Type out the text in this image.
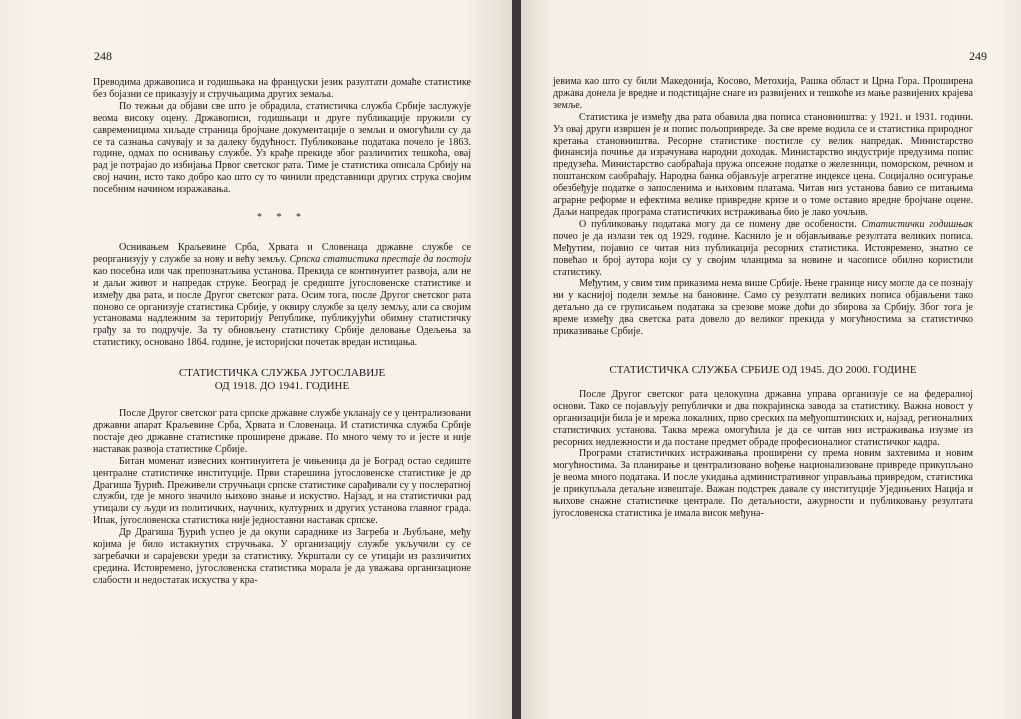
248

Преводима државописа и годишњака на француски језик разултати домаће статистике без бојазни се приказују и стручњацима других земаља.

По тежњи да објави све што је обрадила, статистичка служба Србије заслужује веома високу оцену. Државописи, годишњаци и друге публикације пружили су савременицима хиљаде страница бројчане документације о земљи и омогућили су да се та сазнања сачувају и за далеку будућност. Публиковање података почело је 1863. године, одмах по оснивању службе. Уз крађе прекиде због различитих тешкоћа, овај рад је потрајао до избијања Првог светског рата. Тиме је статистика описала Србију на свој начин, исто тако добро као што су то чинили представници других струка својим посебним начином изражавања.

* * *

Оснивањем Краљевине Срба, Хрвата и Словенаца државне службе се реорганизују у службе за нову и већу земљу. Српска статистика престаје да постоји као посебна или чак препознатљива установа. Прекида се континуитет развоја, али не и даљи живот и напредак струке. Београд је средиште југословенске статистике и између два рата, и после Другог светског рата. Осим тога, после Другог светског рата поново се организује статистика Србије, у оквиру службе за целу земљу, али са својим установама надлежним за територију Републике, публикујући обимну статистичку грађу за то подручје. За ту обновљену статистику Србије деловање Одељења за статистику, основано 1864. године, је историјски почетак вредан истицања.

СТАТИСТИЧКА СЛУЖБА ЈУГОСЛАВИЈЕ
ОД 1918. ДО 1941. ГОДИНЕ

После Другог светског рата српске државне службе укланају се у централизовани државни апарат Краљевине Срба, Хрвата и Словенаца. И статистичка служба Србије постаје део државне статистике проширене државе. По много чему то и јесте и није наставак развоја статистике Србије.

Битан моменат извесних континуитета је чињеница да је Бoград остао седиште централне статистичке институције. Први старешина југословенске статистике је др Драгиша Ђурић. Преживели стручњаци српске статистике сарађивали су у послератној служби, где је много значило њихово знање и искуство. Најзад, и на статистички рад утицали су људи из политичких, научних, културних и других установа главног града. Ипак, југословенска статистика није једноставни наставак српске.

Др Драгиша Ђурић успео је да окупи сараднике из Загреба и Љубљане, међу којима је било истакнутих стручњака. У организацију службе укључили су се загребачки и сарајевски уреди за статистику. Укрштали су се утицаји из различитих средина. Истовремено, југословенска статистика морала је да уважава организационе слабости и недостатак искуства у кра-

249

јевима као што су били Македонија, Косово, Метохија, Рашка област и Црна Гора. Проширена држава донела је вредне и подстицајне снаге из развијених и тешкоће из мање развијених крајева земље.

Статистика је између два рата обавила два пописа становништва: у 1921. и 1931. години. Уз овај други извршен је и попис пољопривреде. За све време водила се и статистика природног кретања становништва. Ресорне статистике постигле су велик напредак. Министарство финансија почиње да израчунава народни доходак. Министарство индустрије предузима попис предузећа. Министарство саобраћаја пружа опсежне податке о железници, поморском, речном и поштанском саобраћају. Народна банка објављује агрегатне индексе цена. Социјално осигурање обезбеђује податке о запосленима и њиховим платама. Читав низ установа бавио се питањима аграрне реформе и ефектима велике привредне кризе и о томе оставио вредне бројчане оцене. Даљи напредак програма статистичких истраживања био је лако уочљив.

О публиковању података могу да се помену две особености. Статистички годишњак почео је да излази тек од 1929. године. Каснило је и објављивање резултата великих пописа. Међутим, појавио се читав низ публикација ресорних статистика. Истовремено, знатно се повећао и број аутора који су у својим чланцима за новине и часописе обилно користили статистику.

Међутим, у свим тим приказима нема више Србије. Њене границе нису могле да се познају ни у каснијој подели земље на бановине. Само су резултати великих пописа објављени тако детаљно да се груписањем података за срезове може доћи до збирова за Србију. Због тога је време између два светска рата довело до великог прекида у могућностима за статистичко приказивање Србије.

СТАТИСТИЧКА СЛУЖБА СРБИЈЕ ОД 1945. ДО 2000. ГОДИНЕ

После Другог светског рата целокупна државна управа организује се на федералној основи. Тако се појављују републички и два покрајинска завода за статистику. Важна новост у организацији била је и мрежа локалних, прво среских па међуопштинских и, најзад, регионалних статистичких установа. Таква мрежа омогућила је да се читав низ истраживања изузме из ресорних недлежности и да постане предмет обраде професионалног статистичког кадра.

Програми статистичких истраживања проширени су према новим захтевима и новим могућностима. За планирање и централизовано вођење национализоване привреде прикупљано је веома много података. И после укидања административног управљања привредом, статистика је прикупљала детаљне извештаје. Важан подстрек давале су институције Уједињених Нација и њихове снажне статистичке централе. По детаљности, ажурности и публиковању резултата југословенска статистика је имала висок међуна-
